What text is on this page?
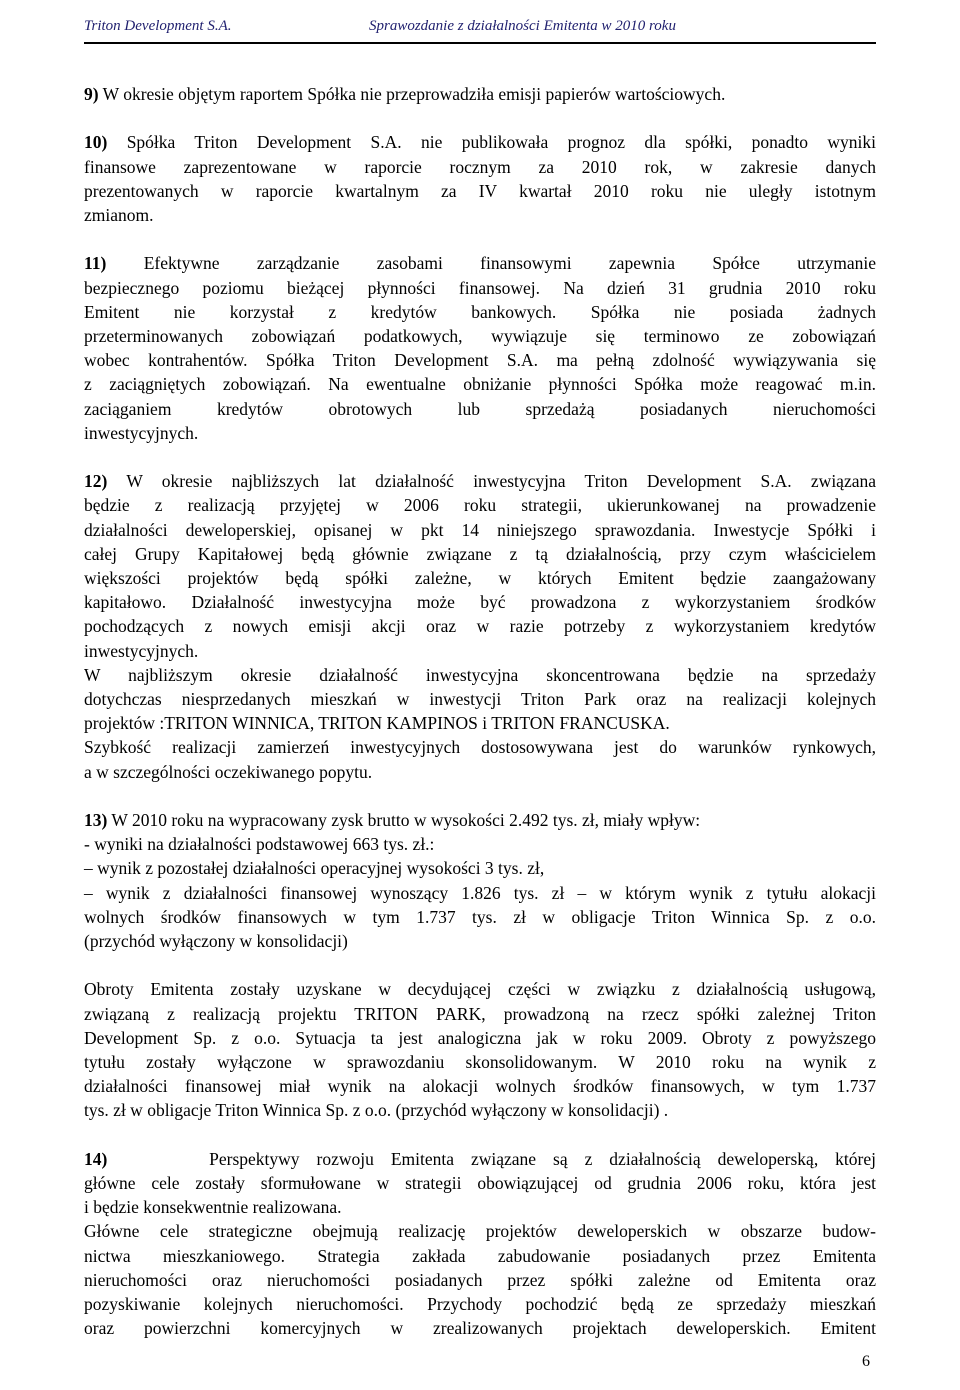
Triton Development S.A.	Sprawozdanie z działalności Emitenta w 2010 roku
9) W okresie objętym raportem Spółka nie przeprowadziła emisji papierów wartościowych.
10) Spółka Triton Development S.A. nie publikowała prognoz dla spółki, ponadto wyniki
finansowe zaprezentowane w raporcie rocznym za 2010 rok, w zakresie danych
prezentowanych w raporcie kwartalnym za IV kwartał 2010 roku nie uległy istotnym
zmianom.
11) Efektywne zarządzanie zasobami finansowymi zapewnia Spółce utrzymanie
bezpiecznego poziomu bieżącej płynności finansowej. Na dzień 31 grudnia 2010 roku
Emitent nie korzystał z kredytów bankowych. Spółka nie posiada żadnych
przeterminowanych zobowiązań podatkowych, wywiązuje się terminowo ze zobowiązań
wobec kontrahentów. Spółka Triton Development S.A. ma pełną zdolność wywiązywania się
z zaciągniętych zobowiązań. Na ewentualne obniżanie płynności Spółka może reagować m.in.
zaciąganiem kredytów obrotowych lub sprzedażą posiadanych nieruchomości
inwestycyjnych.
12) W okresie najbliższych lat działalność inwestycyjna Triton Development S.A. związana
będzie z realizacją przyjętej w 2006 roku strategii, ukierunkowanej na prowadzenie
działalności deweloperskiej, opisanej w pkt 14 niniejszego sprawozdania. Inwestycje Spółki i
całej Grupy Kapitałowej będą głównie związane z tą działalnością, przy czym właścicielem
większości projektów będą spółki zależne, w których Emitent będzie zaangażowany
kapitałowo. Działalność inwestycyjna może być prowadzona z wykorzystaniem środków
pochodzących z nowych emisji akcji oraz w razie potrzeby z wykorzystaniem kredytów
inwestycyjnych.
W najbliższym okresie działalność inwestycyjna skoncentrowana będzie na sprzedaży
dotychczas niesprzedanych mieszkań w inwestycji Triton Park oraz na realizacji kolejnych
projektów :TRITON WINNICA, TRITON KAMPINOS i TRITON FRANCUSKA.
Szybkość realizacji zamierzeń inwestycyjnych dostosowywana jest do warunków rynkowych,
a w szczególności oczekiwanego popytu.
13) W 2010 roku na wypracowany zysk brutto w wysokości 2.492 tys. zł, miały wpływ:
- wyniki na działalności podstawowej 663 tys. zł.:
– wynik z pozostałej działalności operacyjnej wysokości 3 tys. zł,
– wynik z działalności finansowej wynoszący 1.826 tys. zł – w którym wynik z tytułu alokacji
wolnych środków finansowych w tym 1.737 tys. zł w obligacje Triton Winnica Sp. z o.o.
(przychód wyłączony w konsolidacji)
Obroty Emitenta zostały uzyskane w decydującej części w związku z działalnością usługową,
związaną z realizacją projektu TRITON PARK, prowadzoną na rzecz spółki zależnej Triton
Development Sp. z o.o. Sytuacja ta jest analogiczna jak w roku 2009. Obroty z powyższego
tytułu zostały wyłączone w sprawozdaniu skonsolidowanym. W 2010 roku na wynik z
działalności finansowej miał wynik na alokacji wolnych środków finansowych, w tym 1.737
tys. zł w obligacje Triton Winnica Sp. z o.o. (przychód wyłączony w konsolidacji) .
14)	Perspektywy rozwoju Emitenta związane są z działalnością deweloperską, której
główne cele zostały sformułowane w strategii obowiązującej od grudnia 2006 roku, która jest
i będzie konsekwentnie realizowana.
Główne cele strategiczne obejmują realizację projektów deweloperskich w obszarze budow-
nictwa mieszkaniowego. Strategia zakłada zabudowanie posiadanych przez Emitenta
nieruchomości oraz nieruchomości posiadanych przez spółki zależne od Emitenta oraz
pozyskiwanie kolejnych nieruchomości. Przychody pochodzić będą ze sprzedaży mieszkań
oraz powierzchni komercyjnych w zrealizowanych projektach deweloperskich. Emitent
6
